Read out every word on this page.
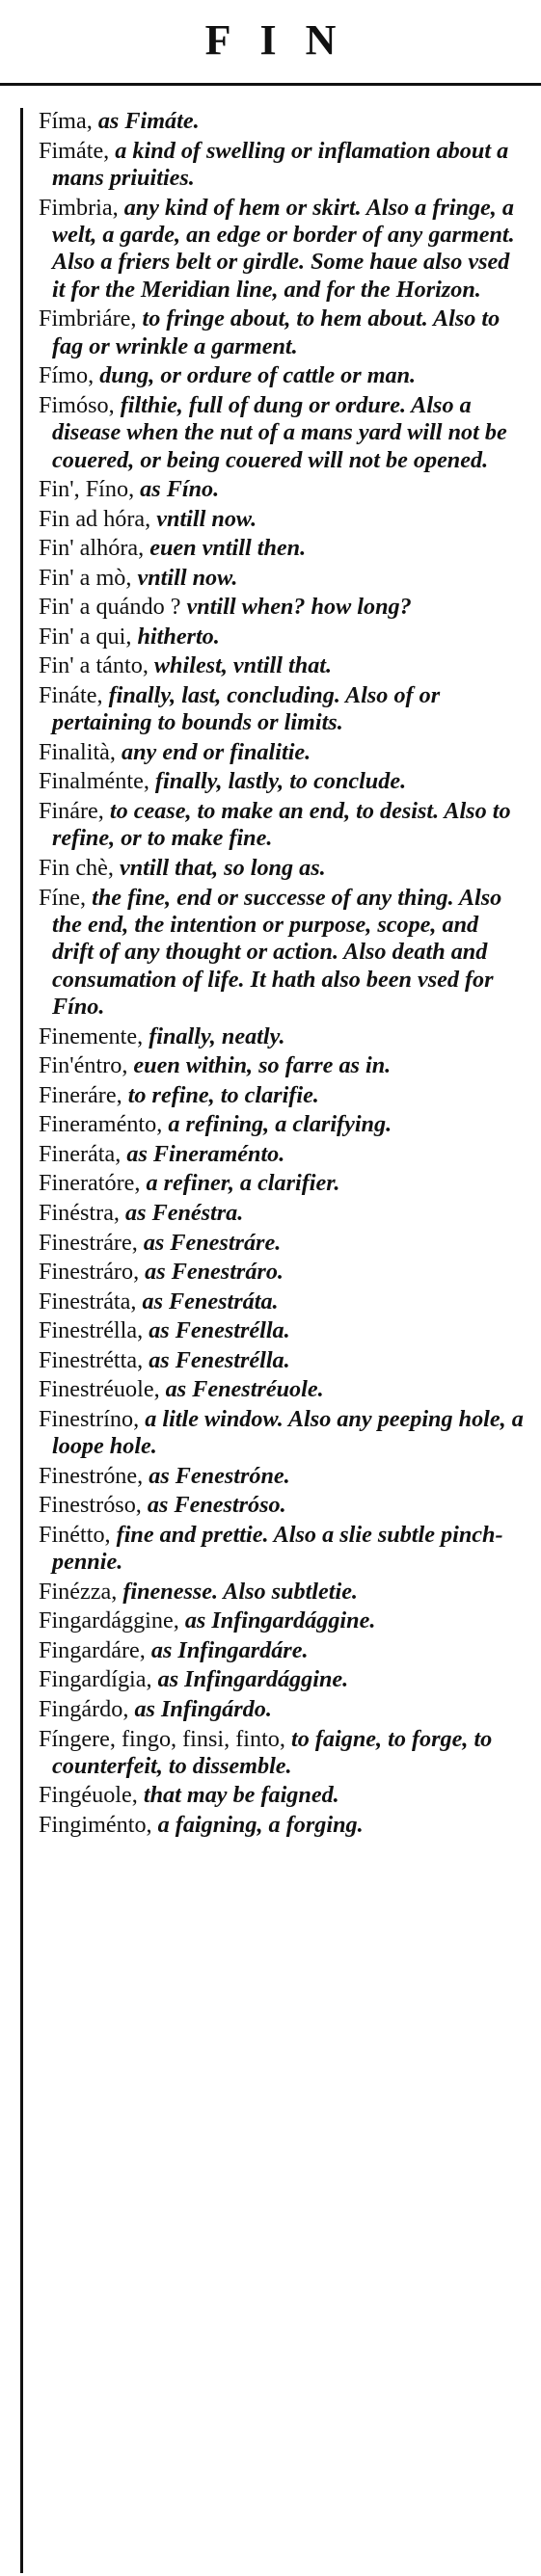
FIN
Fíma, as Fimáte.
Fimáte, a kind of swelling or inflamation about a mans priuities.
Fimbria, any kind of hem or skirt. Also a fringe, a welt, a garde, an edge or border of any garment. Also a friers belt or girdle. Some haue also vsed it for the Meridian line, and for the Horizon.
Fimbriáre, to fringe about, to hem about. Also to fag or wrinkle a garment.
Fímo, dung, or ordure of cattle or man.
Fimóso, filthie, full of dung or ordure. Also a disease when the nut of a mans yard will not be couered, or being couered will not be opened.
Fin', Fíno, as Fíno.
Fin ad hóra, vntill now.
Fin' alhóra, euen vntill then.
Fin' a mò, vntill now.
Fin' a quándo ? vntill when? how long?
Fin' a qui, hitherto.
Fin' a tánto, whilest, vntill that.
Fináte, finally, last, concluding. Also of or pertaining to bounds or limits.
Finalità, any end or finalitie.
Finalménte, finally, lastly, to conclude.
Fináre, to cease, to make an end, to desist. Also to refine, or to make fine.
Fin chè, vntill that, so long as.
Fíne, the fine, end or successe of any thing. Also the end, the intention or purpose, scope, and drift of any thought or action. Also death and consumation of life. It hath also been vsed for Fíno.
Finemente, finally, neatly.
Fin'éntro, euen within, so farre as in.
Fineráre, to refine, to clarifie.
Fineraménto, a refining, a clarifying.
Fineráta, as Fineraménto.
Fineratóre, a refiner, a clarifier.
Finéstra, as Fenéstra.
Finestráre, as Fenestráre.
Finestráro, as Fenestráro.
Finestráta, as Fenestráta.
Finestrélla, as Fenestrélla.
Finestrétta, as Fenestrélla.
Finestréuole, as Fenestréuole.
Finestríno, a litle window. Also any peeping hole, a loope hole.
Finestróne, as Fenestróne.
Finestróso, as Fenestróso.
Finétto, fine and prettie. Also a slie subtle pinch-pennie.
Finézza, finenesse. Also subtletie.
Fingardággine, as Infingardággine.
Fingardáre, as Infingardáre.
Fingardígia, as Infingardággine.
Fingárdo, as Infingárdo.
Fíngere, fingo, finsi, finto, to faigne, to forge, to counterfeit, to dissemble.
Fingéuole, that may be faigned.
Fingiménto, a faigning, a forging.
